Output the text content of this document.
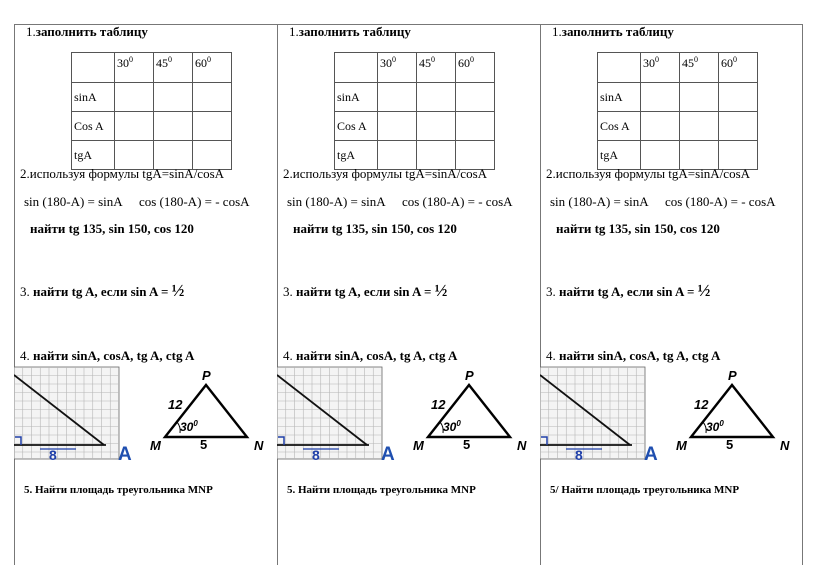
1.заполнить таблицу
	$30^0$	$45^0$	$60^0$
sinA			
Cos A			
tgA			
2.используя формулы tgA=sinA/cosA
sin (180-A) = sinA cos (180-A) = - cosA
найти tg 135, sin 150, cos 120
3. найти tg A, если sin A = ½
4. найти sinA, cosA, tg A, ctg A
8	A
P
M	N
12
5
$30^0$
5. Найти площадь треугольника MNP
1.заполнить таблицу
	$30^0$	$45^0$	$60^0$
sinA			
Cos A			
tgA			
2.используя формулы tgA=sinA/cosA
sin (180-A) = sinA cos (180-A) = - cosA
найти tg 135, sin 150, cos 120
3. найти tg A, если sin A = ½
4. найти sinA, cosA, tg A, ctg A
8	A
P
M	N
12
5
$30^0$
5. Найти площадь треугольника MNP
1.заполнить таблицу
	$30^0$	$45^0$	$60^0$
sinA			
Cos A			
tgA			
2.используя формулы tgA=sinA/cosA
sin (180-A) = sinA cos (180-A) = - cosA
найти tg 135, sin 150, cos 120
3. найти tg A, если sin A = ½
4. найти sinA, cosA, tg A, ctg A
8	A
P
M	N
12
5
$30^0$
5/ Найти площадь треугольника MNP
